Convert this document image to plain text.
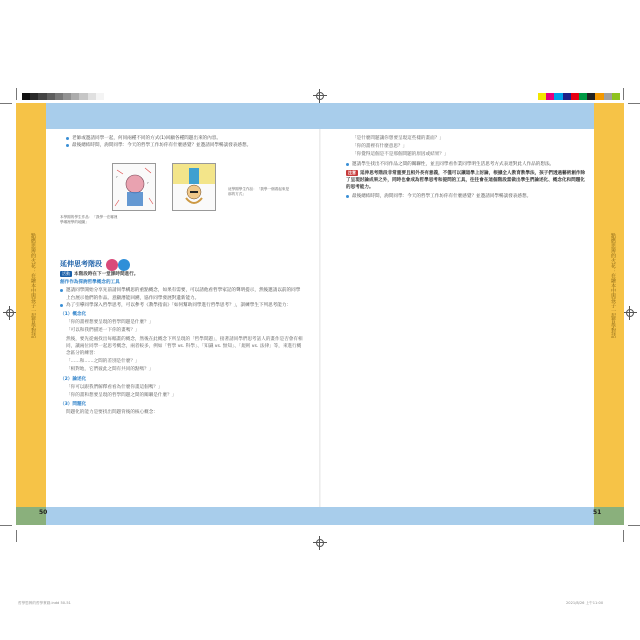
點燃思辨的火花：在繪本中與孩子一起哲學對話	點燃思辨的火花：在繪本中與孩子一起哲學對話
50	51
老師或邀請同學一起，何同兩種不同的方式(1)回顧各種問題出來的內容。
最後總結時間，詢問同學：今天的哲學工作坊你有什麼感覺？並邀請同學暢談發表感想。
?
?
本學期的學生作品：「我學一在哪裡學哪裡學的地圖」
這學期學生作品：「我學一個看起來是那的方式」
延伸思考階段

活動 本階段時在下一堂課時間進行。

創作作為探詢哲學概念的工具

邀請同學開始分享先前請同學構思的重點概念，如果有需要，可以請他看哲學家記的聲明提示，然後邀請以前的同學上台展示他們的作品。意顯潛能回溯，協作同學發展對遺新能力。
為了引導同學深入哲學思考，可以參考《教學指南》「如何幫助同學進行哲學思考？」，訓練學生下列思考能力：

（1）概念化

「你的畫裡想要呈現的哲學問題是什麼？」

「可以和我們描述一下你的畫嗎？」

然後，要先從處找出每幅畫的概念，然後在此概念下所呈現的「哲學問題」，接著請同學們思考話人的畫作是否會有相同，讓兩位同學一起思考概念，兩者較多，例如「哲學 vs. 科學」、「知識 vs. 無知」、「規則 vs. 法律」等，來進行概念區分的練習：

「……和……之間的差別是什麼？」

「相對地，它們彼此之間有共同的點嗎？」

（2）論述化

「你可以跟我們解釋看看為什麼你畫這個嗎？」

「你的畫和想要呈現的哲學問題之間的關聯是什麼？」

（3）問題化

問題化的能力是要找出問題背後的核心概念：

「是什麼問題讓你想要呈現這些樣的畫面？」

「你的畫裡有什麼意思？」

「你覺得這個是不是那個問題的原因或結果？」

邀請學生找出不同作品之間的關聯性，並且同學看作業同學明生活思考方式表達對此人作品的想法。

注意 延伸思考階段非常重要且相外長有意義，不僅可以讓道學上討論，根據全人教育教學法，孩子們透過藝術創作除了呈現討論成果之外，同時也會成為哲學思考和提問的工具，往往會在這個階段當做出學生們論述化、概念化和問題化的思考能力。

最後總結時間，詢問同學：今天的哲學工作坊你有什麼感覺？並邀請同學暢談發表感想。
哲學思辨的哲學實踐.indd 50-51	2021/8/26 上午11:00
